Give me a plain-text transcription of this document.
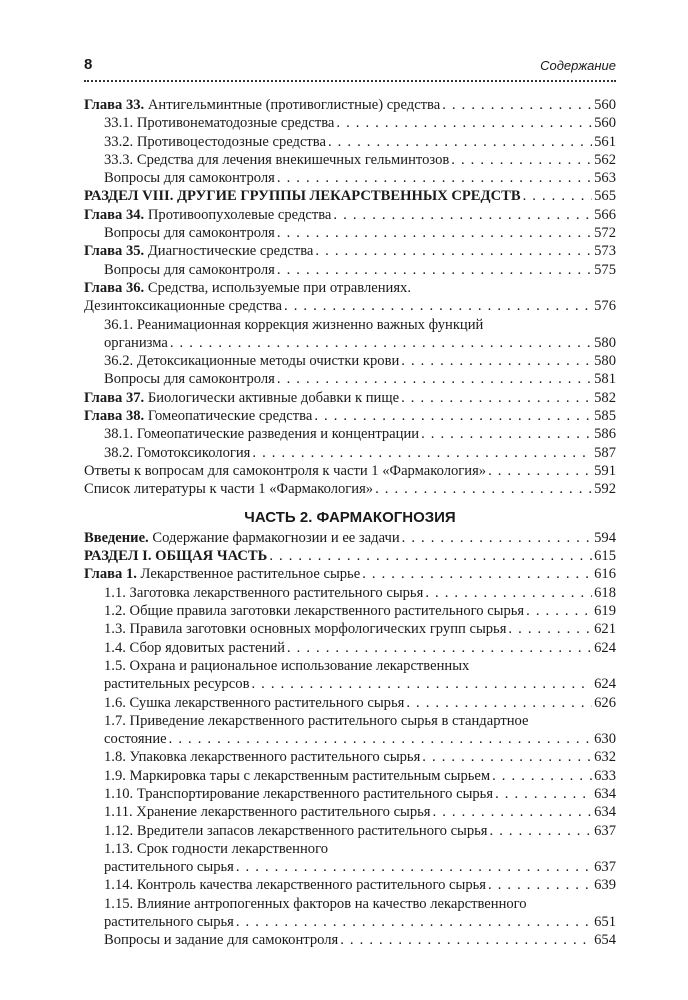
8	Содержание
Глава 33. Антигельминтные (противоглистные) средства . . .	560
33.1. Противонематодозные средства . . .	560
33.2. Противоцестодозные средства . . .	561
33.3. Средства для лечения внекишечных гельминтозов . . .	562
Вопросы для самоконтроля . . .	563
РАЗДЕЛ VIII. ДРУГИЕ ГРУППЫ ЛЕКАРСТВЕННЫХ СРЕДСТВ . . .	565
Глава 34. Противоопухолевые средства . . .	566
Вопросы для самоконтроля . . .	572
Глава 35. Диагностические средства . . .	573
Вопросы для самоконтроля . . .	575
Глава 36. Средства, используемые при отравлениях.
Дезинтоксикационные средства . . .	576
36.1. Реанимационная коррекция жизненно важных функций
организма . . .	580
36.2. Детоксикационные методы очистки крови . . .	580
Вопросы для самоконтроля . . .	581
Глава 37. Биологически активные добавки к пище . . .	582
Глава 38. Гомеопатические средства . . .	585
38.1. Гомеопатические разведения и концентрации . . .	586
38.2. Гомотоксикология . . .	587
Ответы к вопросам для самоконтроля к части 1 «Фармакология» . . .	591
Список литературы к части 1 «Фармакология» . . .	592
ЧАСТЬ 2. ФАРМАКОГНОЗИЯ
Введение. Содержание фармакогнозии и ее задачи . . .	594
РАЗДЕЛ I. ОБЩАЯ ЧАСТЬ . . .	615
Глава 1. Лекарственное растительное сырье . . .	616
1.1. Заготовка лекарственного растительного сырья . . .	618
1.2. Общие правила заготовки лекарственного растительного сырья . . .	619
1.3. Правила заготовки основных морфологических групп сырья . . .	621
1.4. Сбор ядовитых растений . . .	624
1.5. Охрана и рациональное использование лекарственных
растительных ресурсов . . .	624
1.6. Сушка лекарственного растительного сырья . . .	626
1.7. Приведение лекарственного растительного сырья в стандартное
состояние . . .	630
1.8. Упаковка лекарственного растительного сырья . . .	632
1.9. Маркировка тары с лекарственным растительным сырьем . . .	633
1.10. Транспортирование лекарственного растительного сырья . . .	634
1.11. Хранение лекарственного растительного сырья . . .	634
1.12. Вредители запасов лекарственного растительного сырья . . .	637
1.13. Срок годности лекарственного
растительного сырья . . .	637
1.14. Контроль качества лекарственного растительного сырья . . .	639
1.15. Влияние антропогенных факторов на качество лекарственного
растительного сырья . . .	651
Вопросы и задание для самоконтроля . . .	654
